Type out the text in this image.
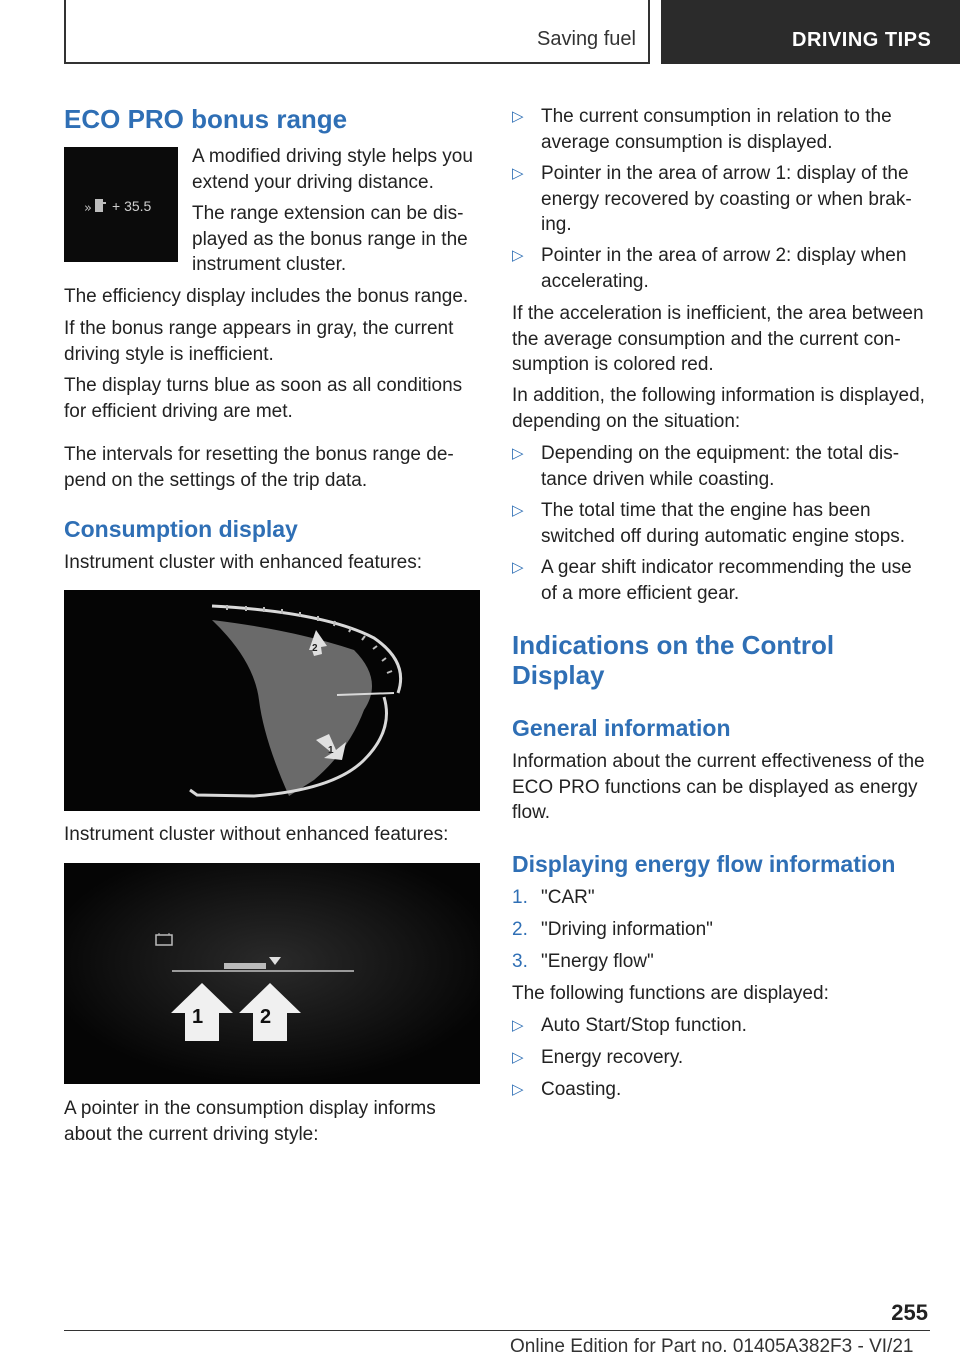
Saving fuel	DRIVING TIPS
ECO PRO bonus range
» + 35.5

A modified driving style helps you extend your driving distance.

The range extension can be displayed as the bonus range in the instrument cluster.

The efficiency display includes the bonus range.

If the bonus range appears in gray, the current driving style is inefficient.

The display turns blue as soon as all conditions for efficient driving are met.

The intervals for resetting the bonus range depend on the settings of the trip data.

Consumption display

Instrument cluster with enhanced features:

2
1

Instrument cluster without enhanced features:

1	2

A pointer in the consumption display informs about the current driving style:

▷ The current consumption in relation to the average consumption is displayed.
▷ Pointer in the area of arrow 1: display of the energy recovered by coasting or when braking.
▷ Pointer in the area of arrow 2: display when accelerating.

If the acceleration is inefficient, the area between the average consumption and the current consumption is colored red.

In addition, the following information is displayed, depending on the situation:

▷ Depending on the equipment: the total distance driven while coasting.
▷ The total time that the engine has been switched off during automatic engine stops.
▷ A gear shift indicator recommending the use of a more efficient gear.
Indications on the Control Display
General information

Information about the current effectiveness of the ECO PRO functions can be displayed as energy flow.

Displaying energy flow information
1. "CAR"
2. "Driving information"
3. "Energy flow"

The following functions are displayed:

▷ Auto Start/Stop function.
▷ Energy recovery.
▷ Coasting.
255
Online Edition for Part no. 01405A382F3 - VI/21
